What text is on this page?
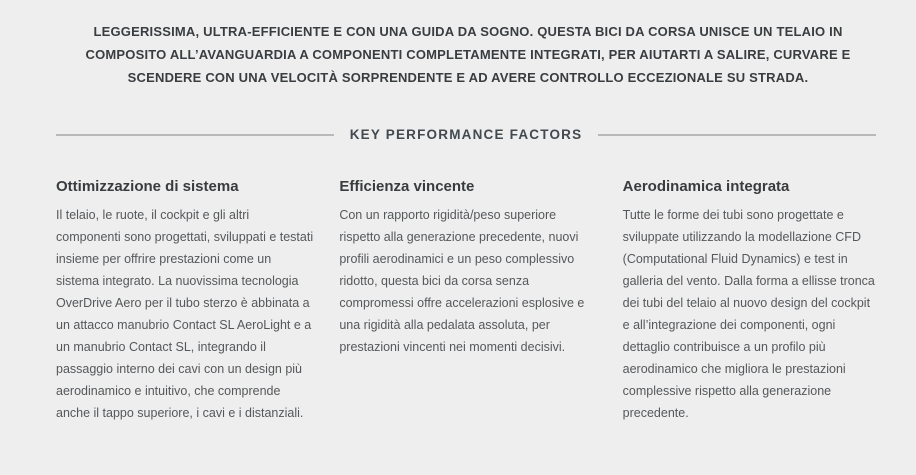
LEGGERISSIMA, ULTRA-EFFICIENTE E CON UNA GUIDA DA SOGNO. QUESTA BICI DA CORSA UNISCE UN TELAIO IN COMPOSITO ALL’AVANGUARDIA A COMPONENTI COMPLETAMENTE INTEGRATI, PER AIUTARTI A SALIRE, CURVARE E SCENDERE CON UNA VELOCITÀ SORPRENDENTE E AD AVERE CONTROLLO ECCEZIONALE SU STRADA.

KEY PERFORMANCE FACTORS
Ottimizzazione di sistema

Il telaio, le ruote, il cockpit e gli altri componenti sono progettati, sviluppati e testati insieme per offrire prestazioni come un sistema integrato. La nuovissima tecnologia OverDrive Aero per il tubo sterzo è abbinata a un attacco manubrio Contact SL AeroLight e a un manubrio Contact SL, integrando il passaggio interno dei cavi con un design più aerodinamico e intuitivo, che comprende anche il tappo superiore, i cavi e i distanziali.

Efficienza vincente

Con un rapporto rigidità/peso superiore rispetto alla generazione precedente, nuovi profili aerodinamici e un peso complessivo ridotto, questa bici da corsa senza compromessi offre accelerazioni esplosive e una rigidità alla pedalata assoluta, per prestazioni vincenti nei momenti decisivi.

Aerodinamica integrata

Tutte le forme dei tubi sono progettate e sviluppate utilizzando la modellazione CFD (Computational Fluid Dynamics) e test in galleria del vento. Dalla forma a ellisse tronca dei tubi del telaio al nuovo design del cockpit e all’integrazione dei componenti, ogni dettaglio contribuisce a un profilo più aerodinamico che migliora le prestazioni complessive rispetto alla generazione precedente.
